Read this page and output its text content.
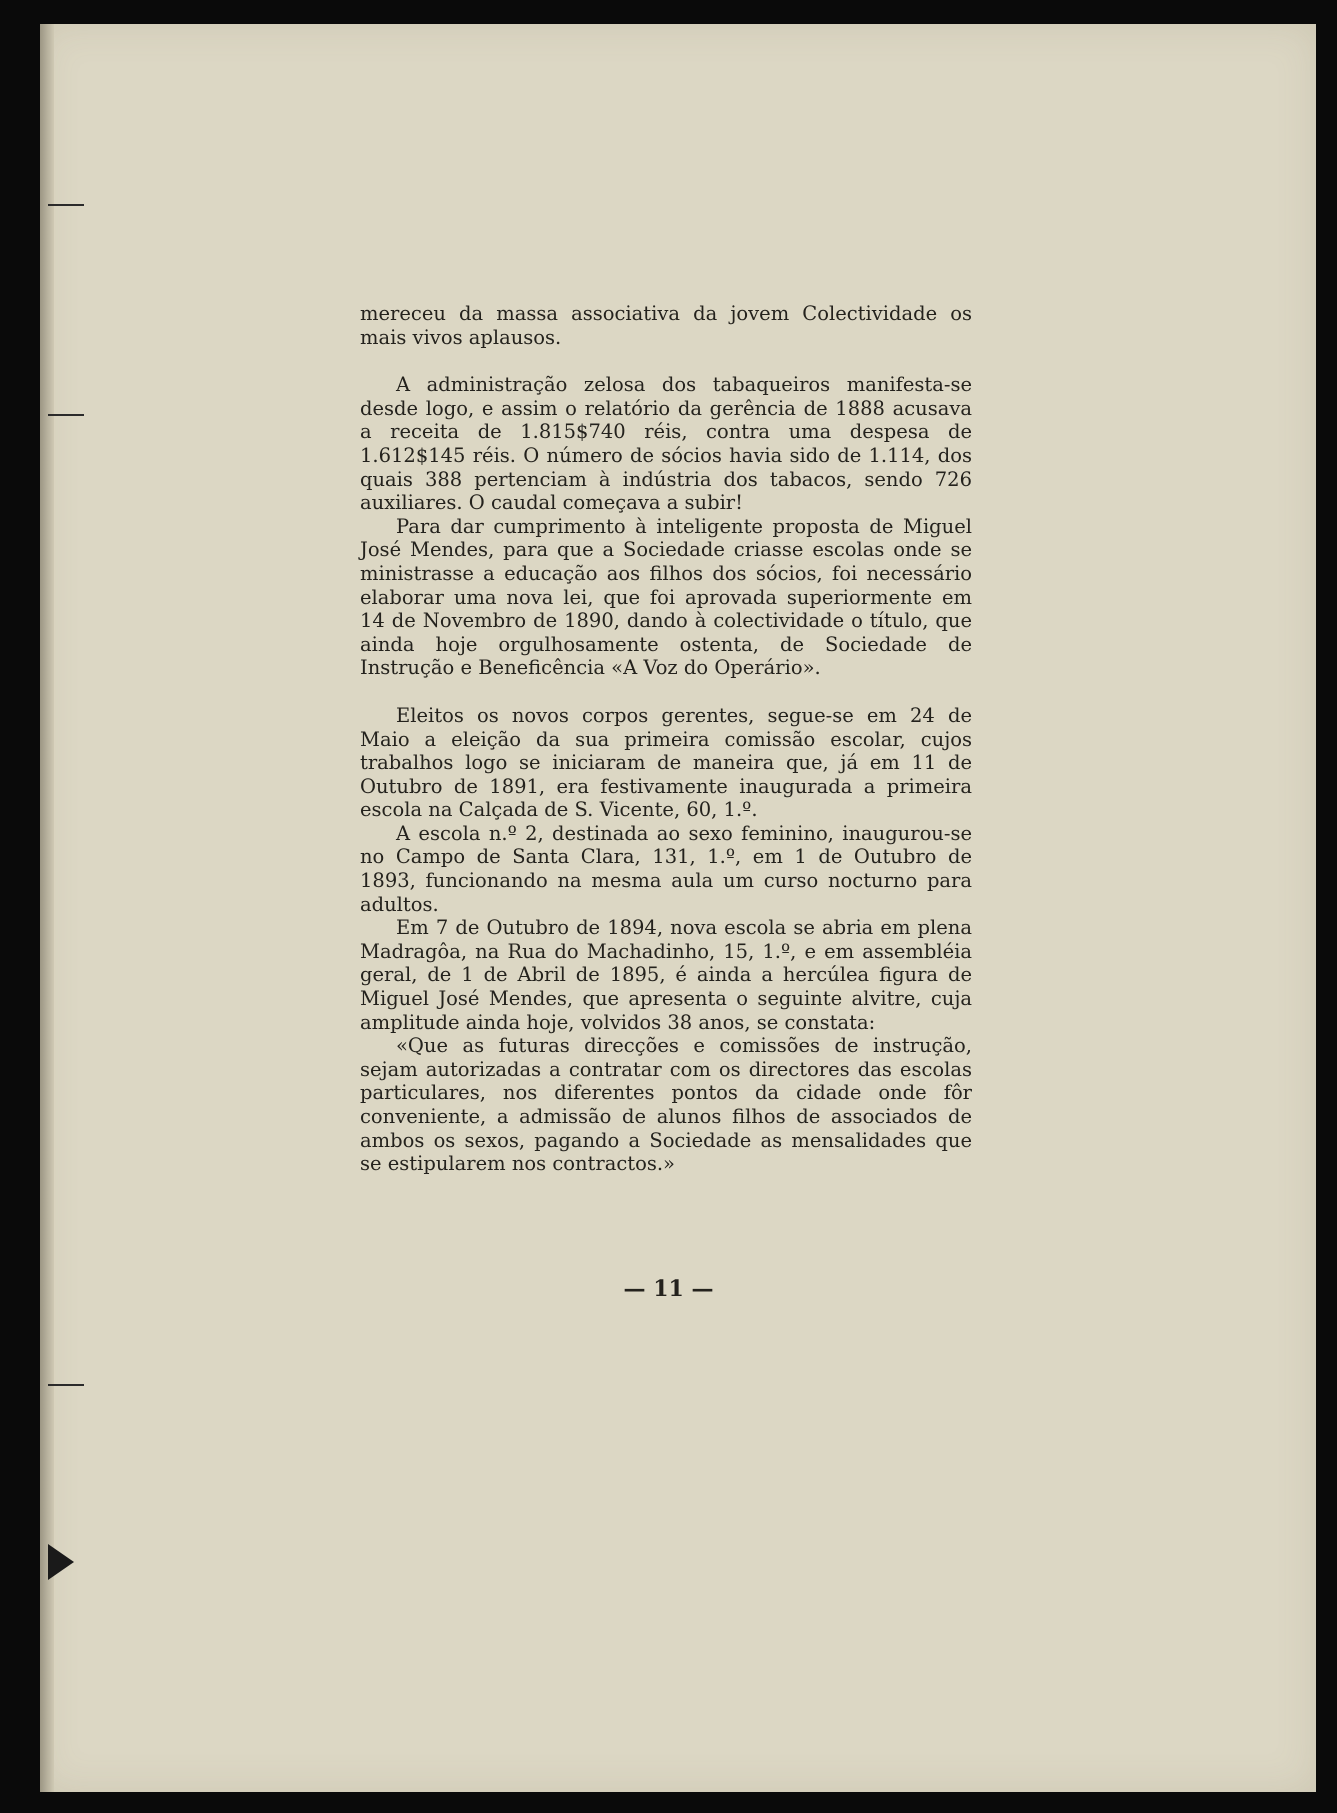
mereceu da massa associativa da jovem Colectividade os mais vivos aplausos.

A administração zelosa dos tabaqueiros manifesta-se desde logo, e assim o relatório da gerência de 1888 acusava a receita de 1.815$740 réis, contra uma despesa de 1.612$145 réis. O número de sócios havia sido de 1.114, dos quais 388 pertenciam à indústria dos tabacos, sendo 726 auxiliares. O caudal começava a subir!

Para dar cumprimento à inteligente proposta de Miguel José Mendes, para que a Sociedade criasse escolas onde se ministrasse a educação aos filhos dos sócios, foi necessário elaborar uma nova lei, que foi aprovada superiormente em 14 de Novembro de 1890, dando à colectividade o título, que ainda hoje orgulhosamente ostenta, de Sociedade de Instrução e Beneficência «A Voz do Operário».

Eleitos os novos corpos gerentes, segue-se em 24 de Maio a eleição da sua primeira comissão escolar, cujos trabalhos logo se iniciaram de maneira que, já em 11 de Outubro de 1891, era festivamente inaugurada a primeira escola na Calçada de S. Vicente, 60, 1.º.

A escola n.º 2, destinada ao sexo feminino, inaugurou-se no Campo de Santa Clara, 131, 1.º, em 1 de Outubro de 1893, funcionando na mesma aula um curso nocturno para adultos.

Em 7 de Outubro de 1894, nova escola se abria em plena Madragôa, na Rua do Machadinho, 15, 1.º, e em assembléia geral, de 1 de Abril de 1895, é ainda a hercúlea figura de Miguel José Mendes, que apresenta o seguinte alvitre, cuja amplitude ainda hoje, volvidos 38 anos, se constata:

«Que as futuras direcções e comissões de instrução, sejam autorizadas a contratar com os directores das escolas particulares, nos diferentes pontos da cidade onde fôr conveniente, a admissão de alunos filhos de associados de ambos os sexos, pagando a Sociedade as mensalidades que se estipularem nos contractos.»

— 11 —
